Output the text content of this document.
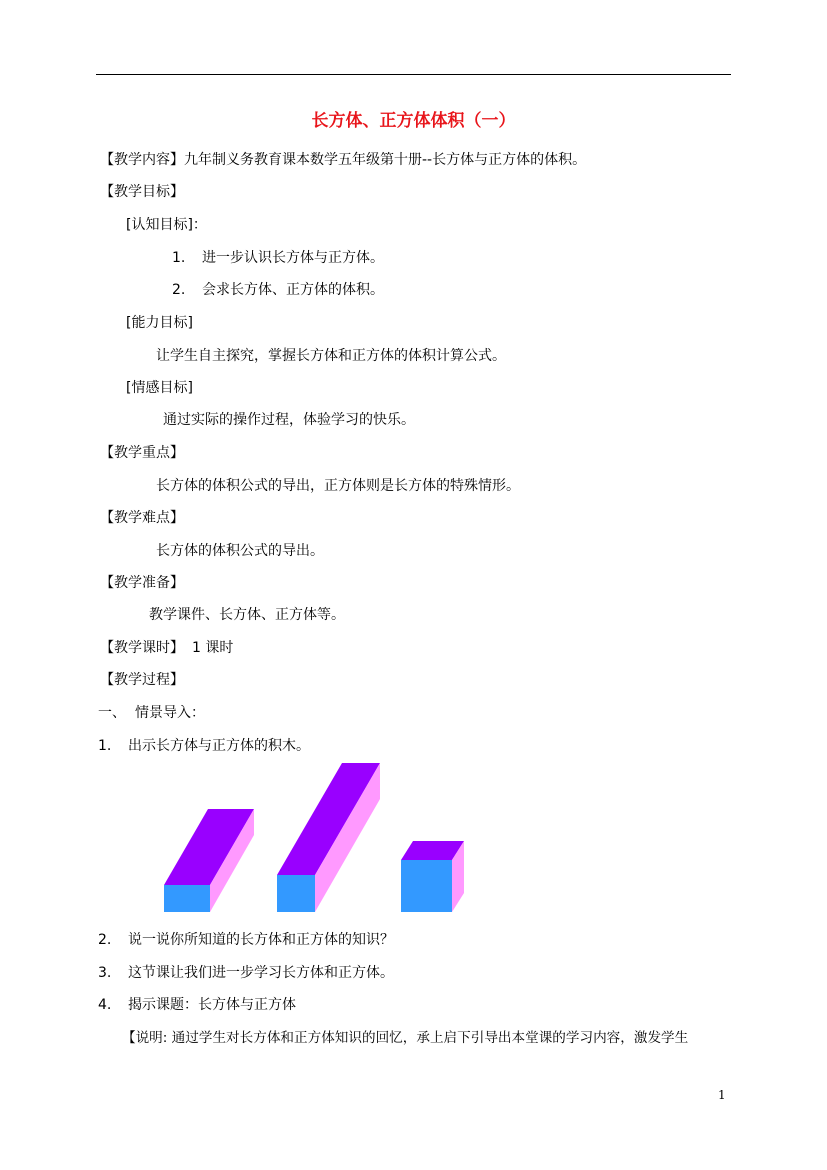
长方体、正方体体积（一）
【教学内容】九年制义务教育课本数学五年级第十册--长方体与正方体的体积。
【教学目标】
[认知目标]：
1. 进一步认识长方体与正方体。
2. 会求长方体、正方体的体积。
[能力目标]
让学生自主探究，掌握长方体和正方体的体积计算公式。
[情感目标]
通过实际的操作过程，体验学习的快乐。
【教学重点】
长方体的体积公式的导出，正方体则是长方体的特殊情形。
【教学难点】
长方体的体积公式的导出。
【教学准备】
教学课件、长方体、正方体等。
【教学课时】 1 课时
【教学过程】
一、 情景导入：
1. 出示长方体与正方体的积木。
2. 说一说你所知道的长方体和正方体的知识？
3. 这节课让我们进一步学习长方体和正方体。
4. 揭示课题：长方体与正方体
【说明: 通过学生对长方体和正方体知识的回忆，承上启下引导出本堂课的学习内容，激发学生
1
